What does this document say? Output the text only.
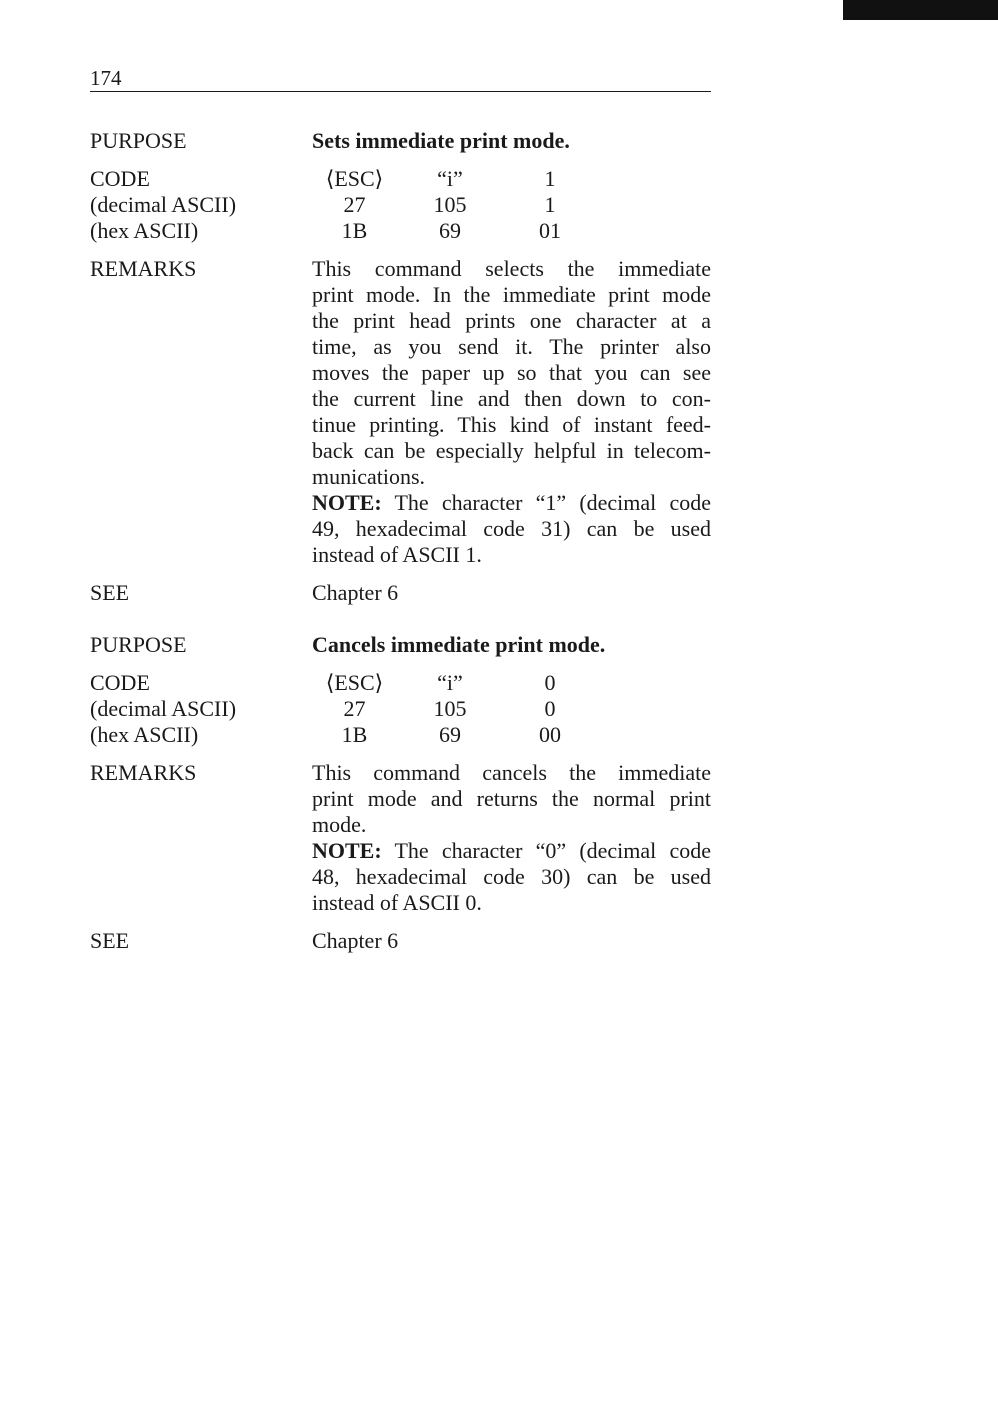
174
PURPOSE	Sets immediate print mode.
CODE	⟨ESC⟩	“i”	1
(decimal ASCII)	27	105	1
(hex ASCII)	1B	69	01
REMARKS	This command selects the immediate
print mode. In the immediate print mode
the print head prints one character at a
time, as you send it. The printer also
moves the paper up so that you can see
the current line and then down to con-
tinue printing. This kind of instant feed-
back can be especially helpful in telecom-
munications.
NOTE: The character “1” (decimal code
49, hexadecimal code 31) can be used
instead of ASCII 1.
SEE	Chapter 6
PURPOSE	Cancels immediate print mode.
CODE	⟨ESC⟩	“i”	0
(decimal ASCII)	27	105	0
(hex ASCII)	1B	69	00
REMARKS	This command cancels the immediate
print mode and returns the normal print
mode.
NOTE: The character “0” (decimal code
48, hexadecimal code 30) can be used
instead of ASCII 0.
SEE	Chapter 6
